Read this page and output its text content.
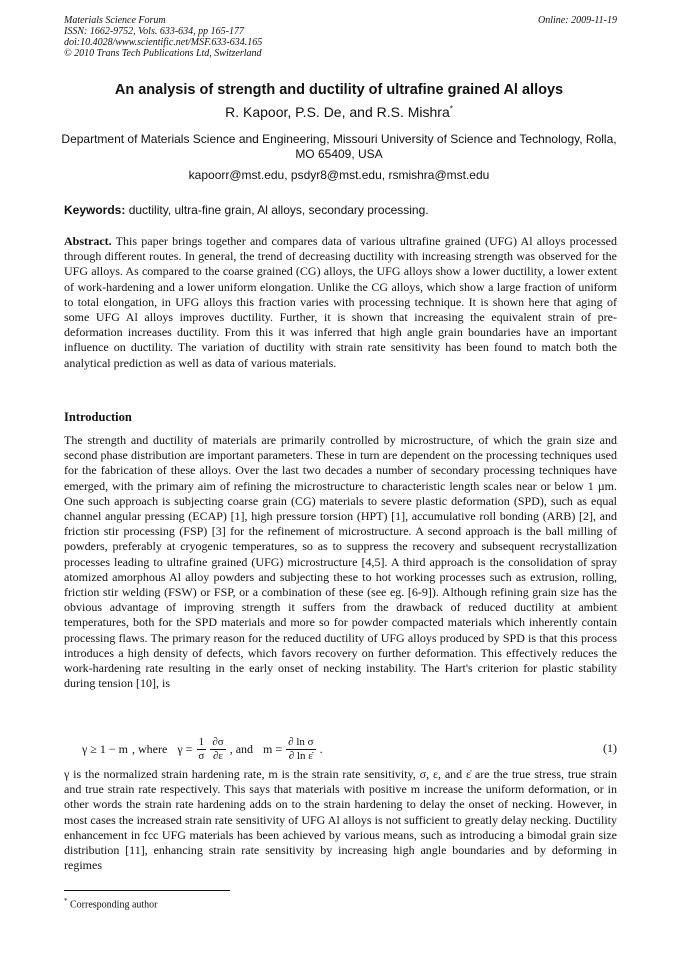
Materials Science Forum
ISSN: 1662-9752, Vols. 633-634, pp 165-177
doi:10.4028/www.scientific.net/MSF.633-634.165
© 2010 Trans Tech Publications Ltd, Switzerland
Online: 2009-11-19
An analysis of strength and ductility of ultrafine grained Al alloys
R. Kapoor, P.S. De, and R.S. Mishra*
Department of Materials Science and Engineering, Missouri University of Science and Technology, Rolla, MO 65409, USA
kapoorr@mst.edu, psdyr8@mst.edu, rsmishra@mst.edu
Keywords: ductility, ultra-fine grain, Al alloys, secondary processing.
Abstract. This paper brings together and compares data of various ultrafine grained (UFG) Al alloys processed through different routes. In general, the trend of decreasing ductility with increasing strength was observed for the UFG alloys. As compared to the coarse grained (CG) alloys, the UFG alloys show a lower ductility, a lower extent of work-hardening and a lower uniform elongation. Unlike the CG alloys, which show a large fraction of uniform to total elongation, in UFG alloys this fraction varies with processing technique. It is shown here that aging of some UFG Al alloys improves ductility. Further, it is shown that increasing the equivalent strain of pre-deformation increases ductility. From this it was inferred that high angle grain boundaries have an important influence on ductility. The variation of ductility with strain rate sensitivity has been found to match both the analytical prediction as well as data of various materials.
Introduction
The strength and ductility of materials are primarily controlled by microstructure, of which the grain size and second phase distribution are important parameters. These in turn are dependent on the processing techniques used for the fabrication of these alloys. Over the last two decades a number of secondary processing techniques have emerged, with the primary aim of refining the microstructure to characteristic length scales near or below 1 µm. One such approach is subjecting coarse grain (CG) materials to severe plastic deformation (SPD), such as equal channel angular pressing (ECAP) [1], high pressure torsion (HPT) [1], accumulative roll bonding (ARB) [2], and friction stir processing (FSP) [3] for the refinement of microstructure. A second approach is the ball milling of powders, preferably at cryogenic temperatures, so as to suppress the recovery and subsequent recrystallization processes leading to ultrafine grained (UFG) microstructure [4,5]. A third approach is the consolidation of spray atomized amorphous Al alloy powders and subjecting these to hot working processes such as extrusion, rolling, friction stir welding (FSW) or FSP, or a combination of these (see eg. [6-9]). Although refining grain size has the obvious advantage of improving strength it suffers from the drawback of reduced ductility at ambient temperatures, both for the SPD materials and more so for powder compacted materials which inherently contain processing flaws. The primary reason for the reduced ductility of UFG alloys produced by SPD is that this process introduces a high density of defects, which favors recovery on further deformation. This effectively reduces the work-hardening rate resulting in the early onset of necking instability. The Hart's criterion for plastic stability during tension [10], is
γ ≥ 1 − m , where $\gamma = \frac{1}{\sigma} \frac{\partial\sigma}{\partial\varepsilon}$ , and $m = \frac{\text{∂ ln σ}}{\text{∂ ln ε̇}}$ .	(1)
γ is the normalized strain hardening rate, m is the strain rate sensitivity, σ, ε, and ε̇ are the true stress, true strain and true strain rate respectively. This says that materials with positive m increase the uniform deformation, or in other words the strain rate hardening adds on to the strain hardening to delay the onset of necking. However, in most cases the increased strain rate sensitivity of UFG Al alloys is not sufficient to greatly delay necking. Ductility enhancement in fcc UFG materials has been achieved by various means, such as introducing a bimodal grain size distribution [11], enhancing strain rate sensitivity by increasing high angle boundaries and by deforming in regimes
* Corresponding author
